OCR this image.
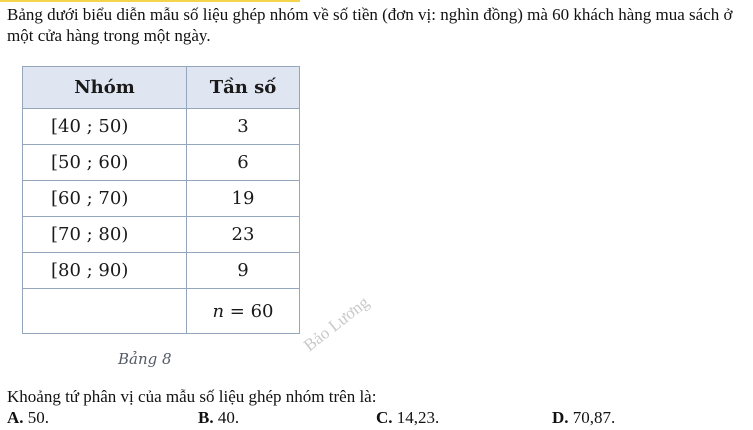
Bảng dưới biểu diễn mẫu số liệu ghép nhóm về số tiền (đơn vị: nghìn đồng) mà 60 khách hàng mua sách ở một cửa hàng trong một ngày.
Nhóm	Tần số
[40 ; 50)	3
[50 ; 60)	6
[60 ; 70)	19
[70 ; 80)	23
[80 ; 90)	9
	n = 60
Bảng 8
Bảo Lương
Khoảng tứ phân vị của mẫu số liệu ghép nhóm trên là:
A. 50.	B. 40.	C. 14,23.	D. 70,87.
